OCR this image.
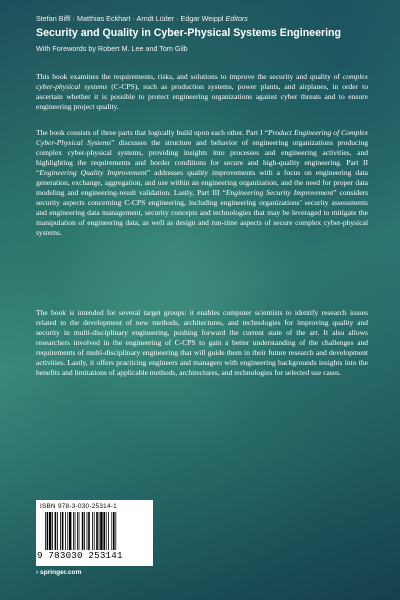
Stefan Biffl · Matthias Eckhart · Arndt Lüder · Edgar Weippl Editors
Security and Quality in Cyber-Physical Systems Engineering
With Forewords by Robert M. Lee and Tom Gilb

This book examines the requirements, risks, and solutions to improve the security and quality of complex cyber-physical systems (C-CPS), such as production systems, power plants, and airplanes, in order to ascertain whether it is possible to protect engineering organizations against cyber threats and to ensure engineering project quality.

The book consists of three parts that logically build upon each other. Part I “Product Engineering of Complex Cyber-Physical Systems” discusses the structure and behavior of engineering organizations producing complex cyber-physical systems, providing insights into processes and engineering activities, and highlighting the requirements and border conditions for secure and high-quality engineering. Part II “Engineering Quality Improvement” addresses quality improvements with a focus on engineering data generation, exchange, aggregation, and use within an engineering organization, and the need for proper data modeling and engineering-result validation. Lastly, Part III “Engineering Security Improvement” considers security aspects concerning C-CPS engineering, including engineering organizations’ security assessments and engineering data management, security concepts and technologies that may be leveraged to mitigate the manipulation of engineering data, as well as design and run-time aspects of secure complex cyber-physical systems.

The book is intended for several target groups: it enables computer scientists to identify research issues related to the development of new methods, architectures, and technologies for improving quality and security in multi-disciplinary engineering, pushing forward the current state of the art. It also allows researchers involved in the engineering of C-CPS to gain a better understanding of the challenges and requirements of multi-disciplinary engineering that will guide them in their future research and development activities. Lastly, it offers practicing engineers and managers with engineering backgrounds insights into the benefits and limitations of applicable methods, architectures, and technologies for selected use cases.

ISBN 978-3-030-25314-1
9 783030 253141
› springer.com
